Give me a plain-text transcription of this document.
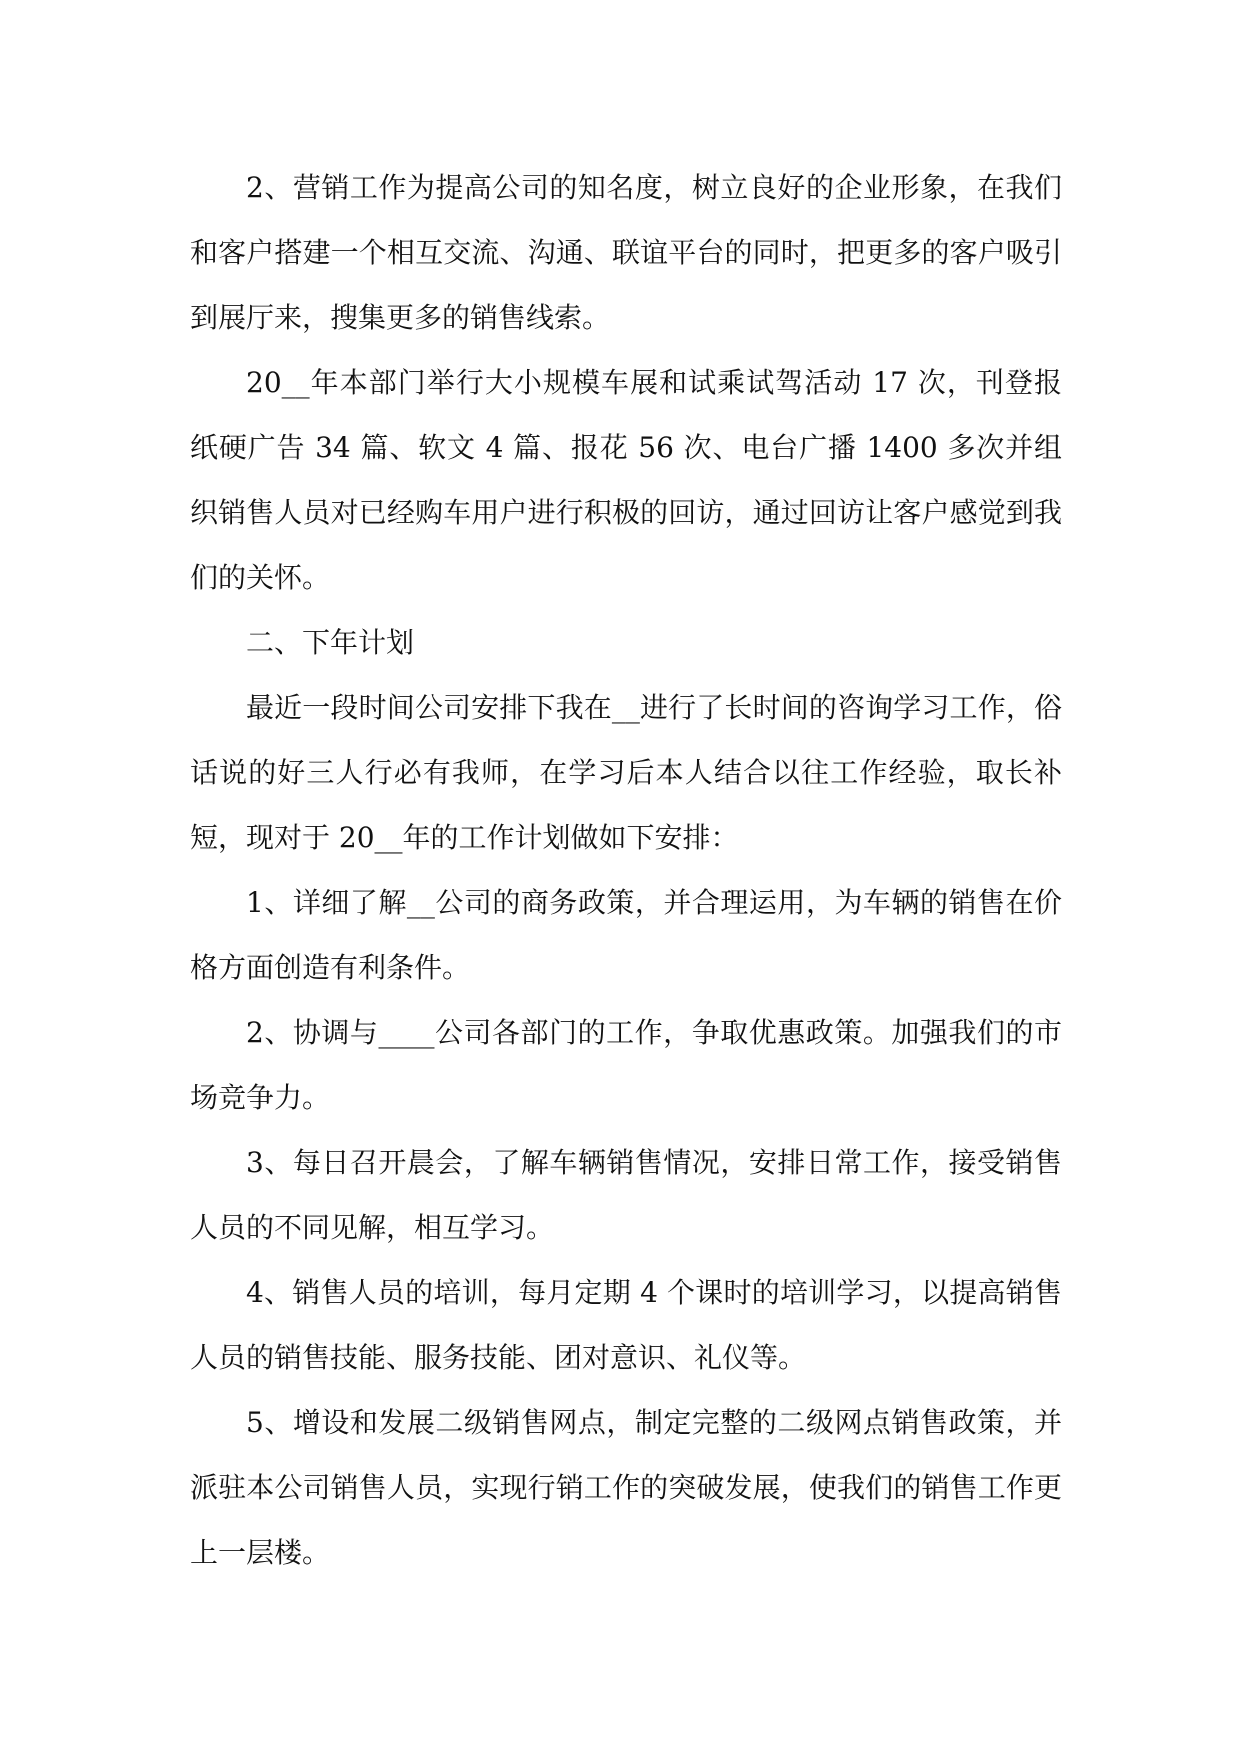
2、营销工作为提高公司的知名度，树立良好的企业形象，在我们和客户搭建一个相互交流、沟通、联谊平台的同时，把更多的客户吸引到展厅来，搜集更多的销售线索。

20__年本部门举行大小规模车展和试乘试驾活动 17 次，刊登报纸硬广告 34 篇、软文 4 篇、报花 56 次、电台广播 1400 多次并组织销售人员对已经购车用户进行积极的回访，通过回访让客户感觉到我们的关怀。

二、下年计划

最近一段时间公司安排下我在__进行了长时间的咨询学习工作，俗话说的好三人行必有我师，在学习后本人结合以往工作经验，取长补短，现对于 20__年的工作计划做如下安排：

1、详细了解__公司的商务政策，并合理运用，为车辆的销售在价格方面创造有利条件。

2、协调与____公司各部门的工作，争取优惠政策。加强我们的市场竞争力。

3、每日召开晨会，了解车辆销售情况，安排日常工作，接受销售人员的不同见解，相互学习。

4、销售人员的培训，每月定期 4 个课时的培训学习，以提高销售人员的销售技能、服务技能、团对意识、礼仪等。

5、增设和发展二级销售网点，制定完整的二级网点销售政策，并派驻本公司销售人员，实现行销工作的突破发展，使我们的销售工作更上一层楼。
